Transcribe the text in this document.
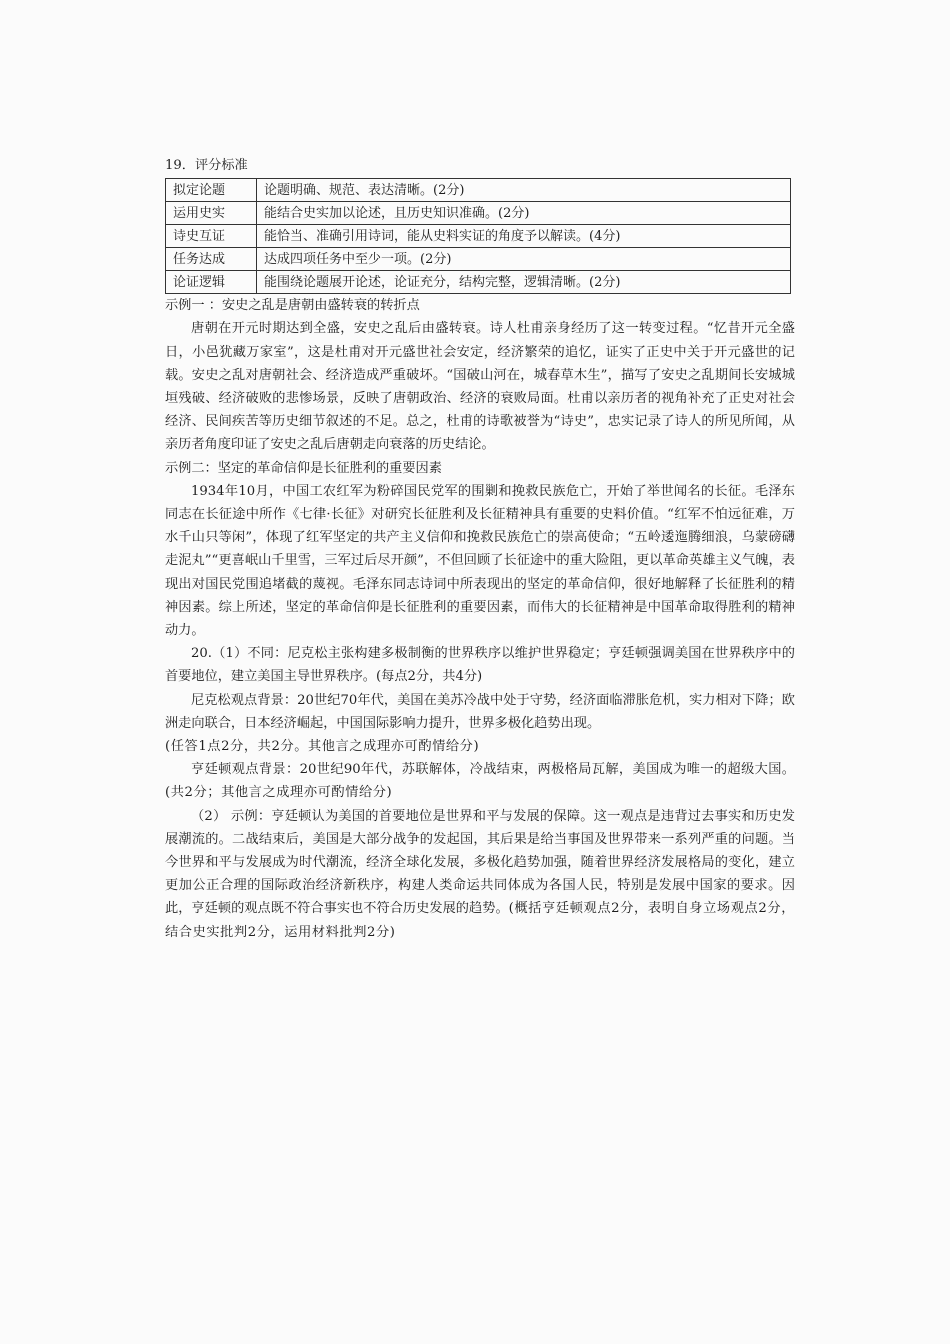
19．评分标准

拟定论题	论题明确、规范、表达清晰。(2分)
运用史实	能结合史实加以论述，且历史知识准确。(2分)
诗史互证	能恰当、准确引用诗词，能从史料实证的角度予以解读。(4分)
任务达成	达成四项任务中至少一项。(2分)
论证逻辑	能围绕论题展开论述，论证充分，结构完整，逻辑清晰。(2分)

示例一 ：安史之乱是唐朝由盛转衰的转折点

唐朝在开元时期达到全盛，安史之乱后由盛转衰。诗人杜甫亲身经历了这一转变过程。“忆昔开元全盛日，小邑犹藏万家室”，这是杜甫对开元盛世社会安定，经济繁荣的追忆，证实了正史中关于开元盛世的记载。安史之乱对唐朝社会、经济造成严重破坏。“国破山河在，城春草木生”，描写了安史之乱期间长安城城垣残破、经济破败的悲惨场景，反映了唐朝政治、经济的衰败局面。杜甫以亲历者的视角补充了正史对社会经济、民间疾苦等历史细节叙述的不足。总之，杜甫的诗歌被誉为“诗史”，忠实记录了诗人的所见所闻，从亲历者角度印证了安史之乱后唐朝走向衰落的历史结论。

示例二：坚定的革命信仰是长征胜利的重要因素

1934年10月，中国工农红军为粉碎国民党军的围剿和挽救民族危亡，开始了举世闻名的长征。毛泽东同志在长征途中所作《七律·长征》对研究长征胜利及长征精神具有重要的史料价值。“红军不怕远征难，万水千山只等闲”，体现了红军坚定的共产主义信仰和挽救民族危亡的崇高使命；“五岭逶迤腾细浪，乌蒙磅礴走泥丸”“更喜岷山千里雪，三军过后尽开颜”，不但回顾了长征途中的重大险阻，更以革命英雄主义气魄，表现出对国民党围追堵截的蔑视。毛泽东同志诗词中所表现出的坚定的革命信仰，很好地解释了长征胜利的精神因素。综上所述，坚定的革命信仰是长征胜利的重要因素，而伟大的长征精神是中国革命取得胜利的精神动力。

20.（1）不同：尼克松主张构建多极制衡的世界秩序以维护世界稳定；亨廷顿强调美国在世界秩序中的首要地位，建立美国主导世界秩序。(每点2分，共4分)

尼克松观点背景：20世纪70年代，美国在美苏冷战中处于守势，经济面临滞胀危机，实力相对下降；欧洲走向联合，日本经济崛起，中国国际影响力提升，世界多极化趋势出现。

(任答1点2分，共2分。其他言之成理亦可酌情给分)

亨廷顿观点背景：20世纪90年代，苏联解体，冷战结束，两极格局瓦解，美国成为唯一的超级大国。(共2分；其他言之成理亦可酌情给分)

（2） 示例：亨廷顿认为美国的首要地位是世界和平与发展的保障。这一观点是违背过去事实和历史发展潮流的。二战结束后，美国是大部分战争的发起国，其后果是给当事国及世界带来一系列严重的问题。当今世界和平与发展成为时代潮流，经济全球化发展，多极化趋势加强，随着世界经济发展格局的变化，建立更加公正合理的国际政治经济新秩序，构建人类命运共同体成为各国人民，特别是发展中国家的要求。因此，亨廷顿的观点既不符合事实也不符合历史发展的趋势。(概括亨廷顿观点2分，表明自身立场观点2分，结合史实批判2分，运用材料批判2分)
